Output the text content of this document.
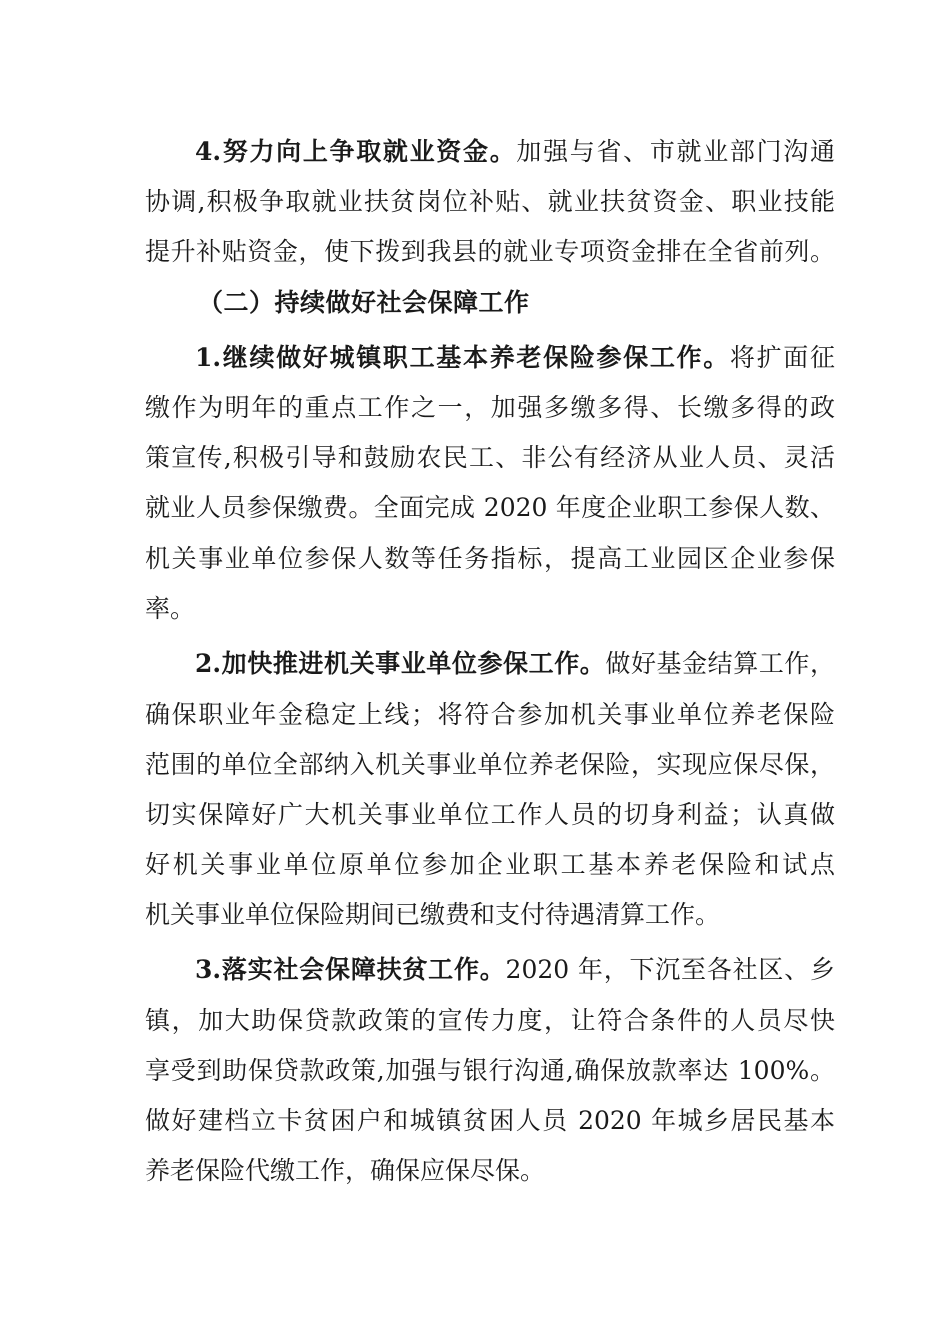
4.努力向上争取就业资金。加强与省、市就业部门沟通
协调,积极争取就业扶贫岗位补贴、就业扶贫资金、职业技能
提升补贴资金，使下拨到我县的就业专项资金排在全省前列。
（二）持续做好社会保障工作
1.继续做好城镇职工基本养老保险参保工作。将扩面征
缴作为明年的重点工作之一，加强多缴多得、长缴多得的政
策宣传,积极引导和鼓励农民工、非公有经济从业人员、灵活
就业人员参保缴费。全面完成 2020 年度企业职工参保人数、
机关事业单位参保人数等任务指标，提高工业园区企业参保
率。
2.加快推进机关事业单位参保工作。做好基金结算工作，
确保职业年金稳定上线；将符合参加机关事业单位养老保险
范围的单位全部纳入机关事业单位养老保险，实现应保尽保，
切实保障好广大机关事业单位工作人员的切身利益；认真做
好机关事业单位原单位参加企业职工基本养老保险和试点
机关事业单位保险期间已缴费和支付待遇清算工作。
3.落实社会保障扶贫工作。2020 年，下沉至各社区、乡
镇，加大助保贷款政策的宣传力度，让符合条件的人员尽快
享受到助保贷款政策,加强与银行沟通,确保放款率达 100%。
做好建档立卡贫困户和城镇贫困人员 2020 年城乡居民基本
养老保险代缴工作，确保应保尽保。
